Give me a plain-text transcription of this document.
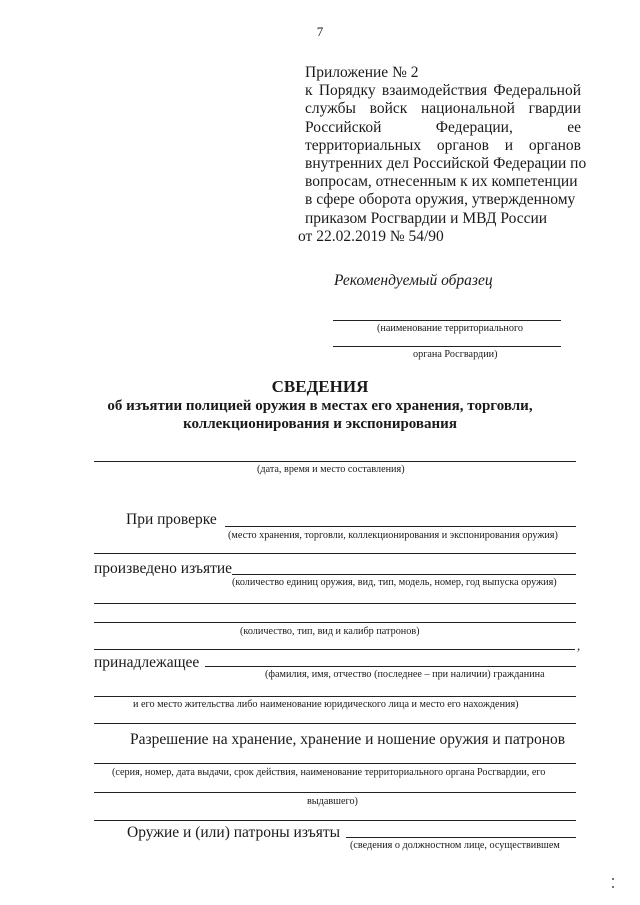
7
Приложение № 2
к Порядку взаимодействия Федеральной
службы войск национальной гвардии
Российской	Федерации,	ее
территориальных органов и органов
внутренних дел Российской Федерации по
вопросам, отнесенным к их компетенции
в сфере оборота оружия, утвержденному
приказом Росгвардии и МВД России
от 22.02.2019 № 54/90
Рекомендуемый образец
(наименование территориального
органа Росгвардии)
СВЕДЕНИЯ
об изъятии полицией оружия в местах его хранения, торговли,
коллекционирования и экспонирования
(дата, время и место составления)
При проверке
(место хранения, торговли, коллекционирования и экспонирования оружия)
произведено изъятие
(количество единиц оружия, вид, тип, модель, номер, год выпуска оружия)
(количество, тип, вид и калибр патронов)
,
принадлежащее
(фамилия, имя, отчество (последнее – при наличии) гражданина
и его место жительства либо наименование юридического лица и место его нахождения)
Разрешение на хранение, хранение и ношение оружия и патронов
(серия, номер, дата выдачи, срок действия, наименование территориального органа Росгвардии, его
выдавшего)
Оружие и (или) патроны изъяты
(сведения о должностном лице, осуществившем
